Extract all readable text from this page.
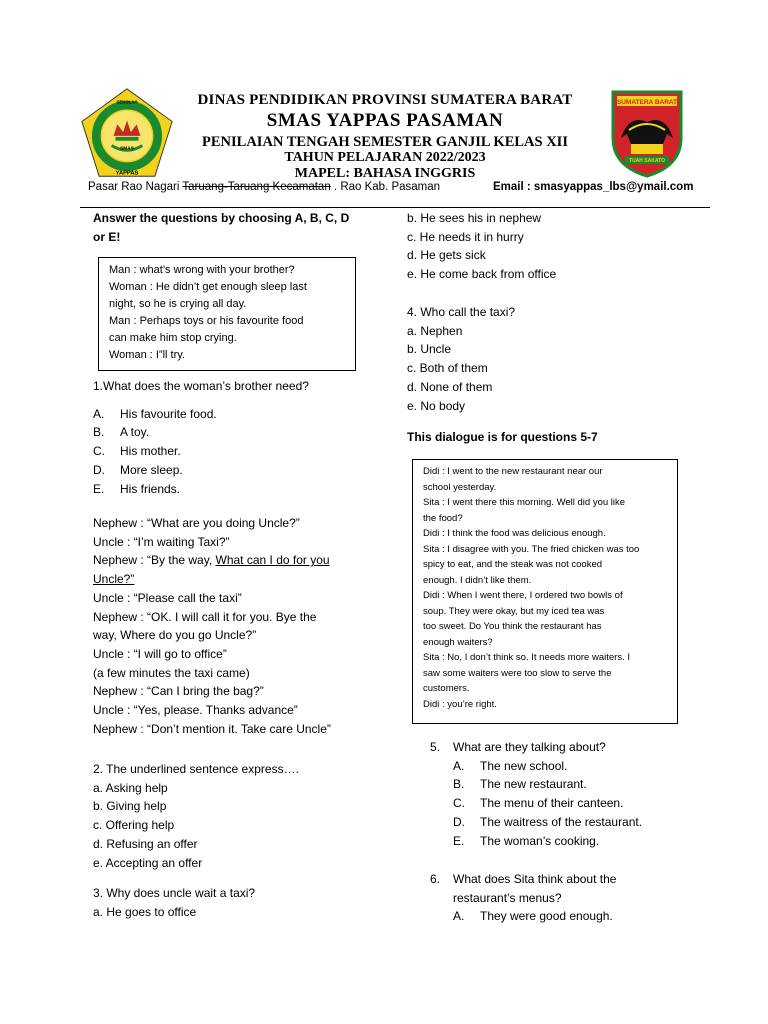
SMAS
YAPPAS
SEKOLAH	SUMATERA BARAT
TUAH SAKATO
DINAS PENDIDIKAN PROVINSI SUMATERA BARAT
SMAS YAPPAS PASAMAN
PENILAIAN TENGAH SEMESTER GANJIL KELAS XII
TAHUN PELAJARAN 2022/2023
MAPEL: BAHASA INGGRIS
Pasar Rao Nagari Taruang-Taruang Kecamatan . Rao Kab. Pasaman	Email : smasyappas_lbs@ymail.com

Answer the questions by choosing A, B, C, D

or E!

Man : what’s wrong with your brother?

Woman : He didn’t get enough sleep last

night, so he is crying all day.

Man : Perhaps toys or his favourite food

can make him stop crying.

Woman : I”ll try.

1.What does the woman’s brother need?

A.	His favourite food.
B.	A toy.
C.	His mother.
D.	More sleep.
E.	His friends.

Nephew : “What are you doing Uncle?”

Uncle : “I’m waiting Taxi?”

Nephew : “By the way, What can I do for you

Uncle?”

Uncle : “Please call the taxi”

Nephew : “OK. I will call it for you. Bye the

way, Where do you go Uncle?”

Uncle : “I will go to office”

(a few minutes the taxi came)

Nephew : “Can I bring the bag?”

Uncle : “Yes, please. Thanks advance”

Nephew : “Don’t mention it. Take care Uncle”

2. The underlined sentence express….

a. Asking help

b. Giving help

c. Offering help

d. Refusing an offer

e. Accepting an offer

3. Why does uncle wait a taxi?

a. He goes to office

b. He sees his in nephew

c. He needs it in hurry

d. He gets sick

e. He come back from office

4. Who call the taxi?

a. Nephen

b. Uncle

c. Both of them

d. None of them

e. No body

This dialogue is for questions 5-7

Didi : I went to the new restaurant near our

school yesterday.

Sita : I went there this morning. Well did you like

the food?

Didi : I think the food was delicious enough.

Sita : I disagree with you. The fried chicken was too

spicy to eat, and the steak was not cooked

enough. I didn’t like them.

Didi : When I went there, I ordered two bowls of

soup. They were okay, but my iced tea was

too sweet. Do You think the restaurant has

enough waiters?

Sita : No, I don’t think so. It needs more waiters. I

saw some waiters were too slow to serve the

customers.

Didi : you’re right.

5.	What are they talking about?
A.	The new school.
B.	The new restaurant.
C.	The menu of their canteen.
D.	The waitress of the restaurant.
E.	The woman’s cooking.
6.	What does Sita think about the

restaurant’s menus?

A.	They were good enough.
